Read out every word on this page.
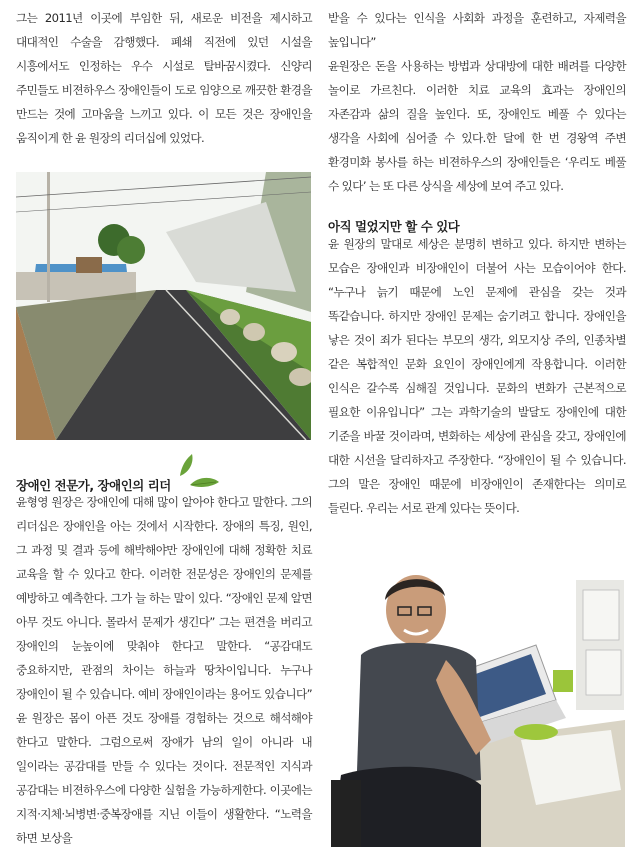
그는 2011년 이곳에 부임한 뒤, 새로운 비전을 제시하고 대대적인 수술을 감행했다. 폐쇄 직전에 있던 시설을 시흥에서도 인정하는 우수 시설로 탈바꿈시켰다. 신양리 주민들도 비젼하우스 장애인들이 도로 임양으로 깨끗한 환경을 만드는 것에 고마움을 느끼고 있다. 이 모든 것은 장애인을 움직이게 한 윤 원장의 리더십에 있었다.

장애인 전문가, 장애인의 리더

윤형영 원장은 장애인에 대해 많이 알아야 한다고 말한다. 그의 리더십은 장애인을 아는 것에서 시작한다. 장애의 특징, 원인, 그 과정 및 결과 등에 해박해야만 장애인에 대해 정확한 치료 교육을 할 수 있다고 한다. 이러한 전문성은 장애인의 문제를 예방하고 예측한다. 그가 늘 하는 말이 있다. “장애인 문제 알면 아무 것도 아니다. 몰라서 문제가 생긴다” 그는 편견을 버리고 장애인의 눈높이에 맞춰야 한다고 말한다. “공감대도 중요하지만, 관점의 차이는 하늘과 땅차이입니다. 누구나 장애인이 될 수 있습니다. 예비 장애인이라는 용어도 있습니다” 윤 원장은 몸이 아픈 것도 장애를 경험하는 것으로 해석해야 한다고 말한다. 그럼으로써 장애가 남의 일이 아니라 내 일이라는 공감대를 만들 수 있다는 것이다. 전문적인 지식과 공감대는 비젼하우스에 다양한 실험을 가능하게한다. 이곳에는 지적·지체·뇌병변·중복장애를 지닌 이들이 생활한다. “노력을 하면 보상을

받을 수 있다는 인식을 사회화 과정을 훈련하고, 자제력을 높입니다”

윤원장은 돈을 사용하는 방법과 상대방에 대한 배려를 다양한 놀이로 가르친다. 이러한 치료 교육의 효과는 장애인의 자존감과 삶의 질을 높인다. 또, 장애인도 베풀 수 있다는 생각을 사회에 심어줄 수 있다.한 달에 한 번 경왕역 주변 환경미화 봉사를 하는 비젼하우스의 장애인들은 ‘우리도 베풀 수 있다’ 는 또 다른 상식을 세상에 보여 주고 있다.

아직 멀었지만 할 수 있다

윤 원장의 말대로 세상은 분명히 변하고 있다. 하지만 변하는 모습은 장애인과 비장애인이 더불어 사는 모습이어야 한다. “누구나 늙기 때문에 노인 문제에 관심을 갖는 것과 똑같습니다. 하지만 장애인 문제는 숨기려고 합니다. 장애인을 낳은 것이 죄가 된다는 부모의 생각, 외모지상 주의, 인종차별 같은 복합적인 문화 요인이 장애인에게 작용합니다. 이러한 인식은 갈수록 심해질 것입니다. 문화의 변화가 근본적으로 필요한 이유입니다” 그는 과학기술의 발달도 장애인에 대한 기준을 바꿀 것이라며, 변화하는 세상에 관심을 갖고, 장애인에 대한 시선을 달리하자고 주장한다. “장애인이 될 수 있습니다. 그의 말은 장애인 때문에 비장애인이 존재한다는 의미로 들린다. 우리는 서로 관계 있다는 뜻이다.
